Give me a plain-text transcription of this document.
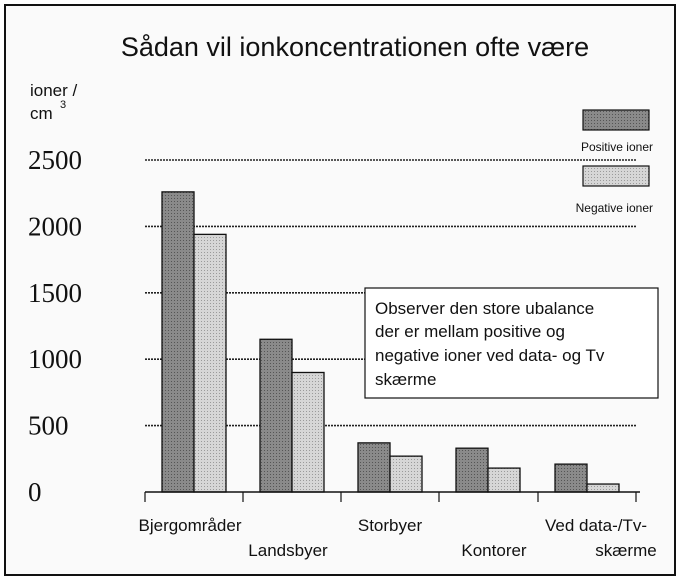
Sådan vil ionkoncentrationen ofte være
ioner /
cm 3
2500
2000
1500
1000
500
0
Bjergområder
Landsbyer
Storbyer
Kontorer
Ved data-/Tv-
skærme
Positive ioner
Negative ioner
Observer den store ubalance
der er mellam positive og
negative ioner ved data- og Tv
skærme
